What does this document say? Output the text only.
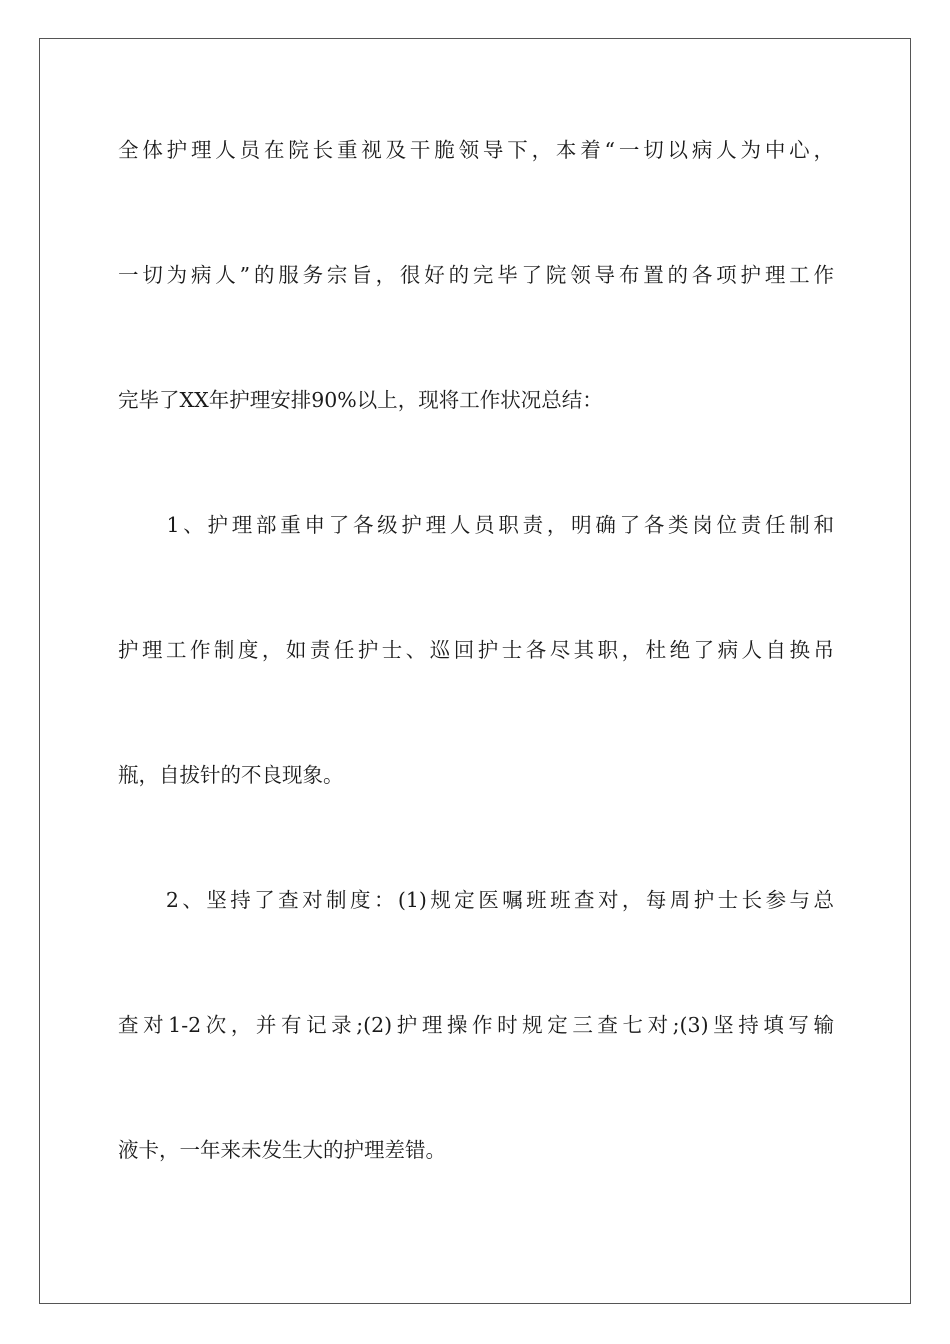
全体护理人员在院长重视及干脆领导下，本着“一切以病人为中心，
一切为病人”的服务宗旨，很好的完毕了院领导布置的各项护理工作
完毕了XX年护理安排90%以上，现将工作状况总结：
　　1、护理部重申了各级护理人员职责，明确了各类岗位责任制和
护理工作制度，如责任护士、巡回护士各尽其职，杜绝了病人自换吊
瓶，自拔针的不良现象。
　　2、坚持了查对制度：(1)规定医嘱班班查对，每周护士长参与总
查对1-2次，并有记录;(2)护理操作时规定三查七对;(3)坚持填写输
液卡，一年来未发生大的护理差错。
